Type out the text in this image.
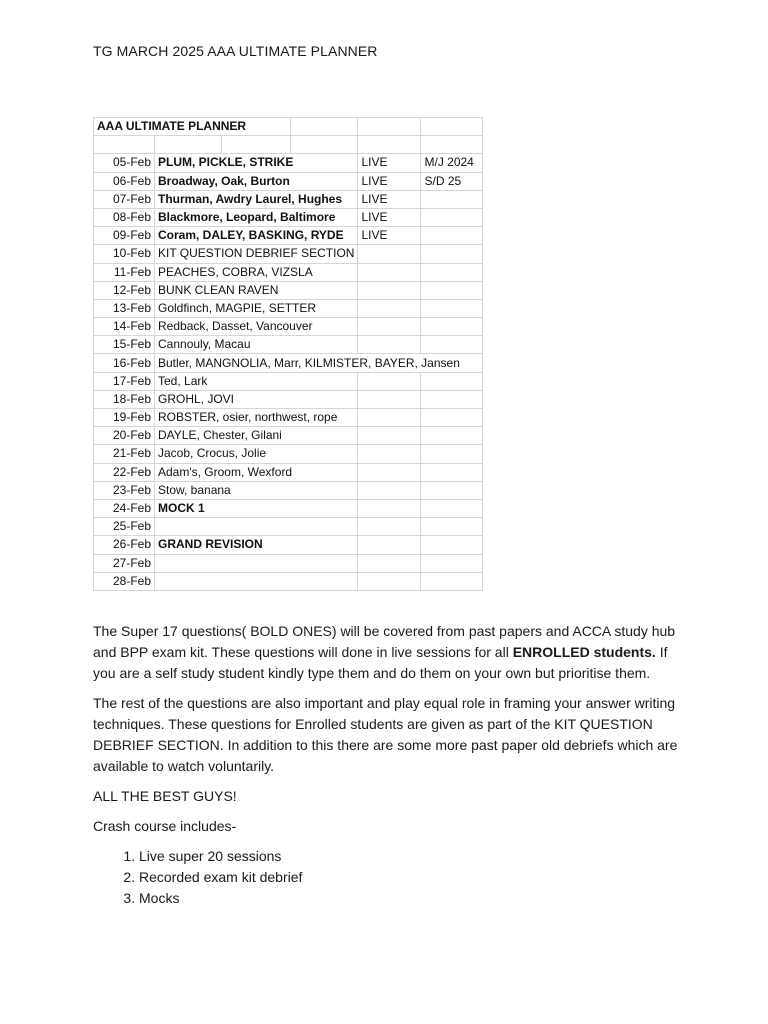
TG MARCH 2025 AAA ULTIMATE PLANNER
AAA ULTIMATE PLANNER					

05-Feb	PLUM, PICKLE, STRIKE			LIVE	M/J 2024
06-Feb	Broadway, Oak, Burton			LIVE	S/D 25
07-Feb	Thurman, Awdry Laurel, Hughes			LIVE	
08-Feb	Blackmore, Leopard, Baltimore			LIVE	
09-Feb	Coram, DALEY, BASKING, RYDE			LIVE	
10-Feb	KIT QUESTION DEBRIEF SECTION				
11-Feb	PEACHES, COBRA, VIZSLA				
12-Feb	BUNK CLEAN RAVEN				
13-Feb	Goldfinch, MAGPIE, SETTER				
14-Feb	Redback, Dasset, Vancouver				
15-Feb	Cannouly, Macau				
16-Feb	Butler, MANGNOLIA, Marr, KILMISTER, BAYER, Jansen				
17-Feb	Ted, Lark				
18-Feb	GROHL, JOVI				
19-Feb	ROBSTER, osier, northwest, rope				
20-Feb	DAYLE, Chester, Gilani				
21-Feb	Jacob, Crocus, Jolie				
22-Feb	Adam's, Groom, Wexford				
23-Feb	Stow, banana				
24-Feb	MOCK 1				
25-Feb					
26-Feb	GRAND REVISION				
27-Feb					
28-Feb					

The Super 17 questions( BOLD ONES) will be covered from past papers and ACCA study hub and BPP exam kit. These questions will done in live sessions for all ENROLLED students. If you are a self study student kindly type them and do them on your own but prioritise them.

The rest of the questions are also important and play equal role in framing your answer writing techniques. These questions for Enrolled students are given as part of the KIT QUESTION DEBRIEF SECTION. In addition to this there are some more past paper old debriefs which are available to watch voluntarily.

ALL THE BEST GUYS!

Crash course includes-

1. Live super 20 sessions
2. Recorded exam kit debrief
3. Mocks
